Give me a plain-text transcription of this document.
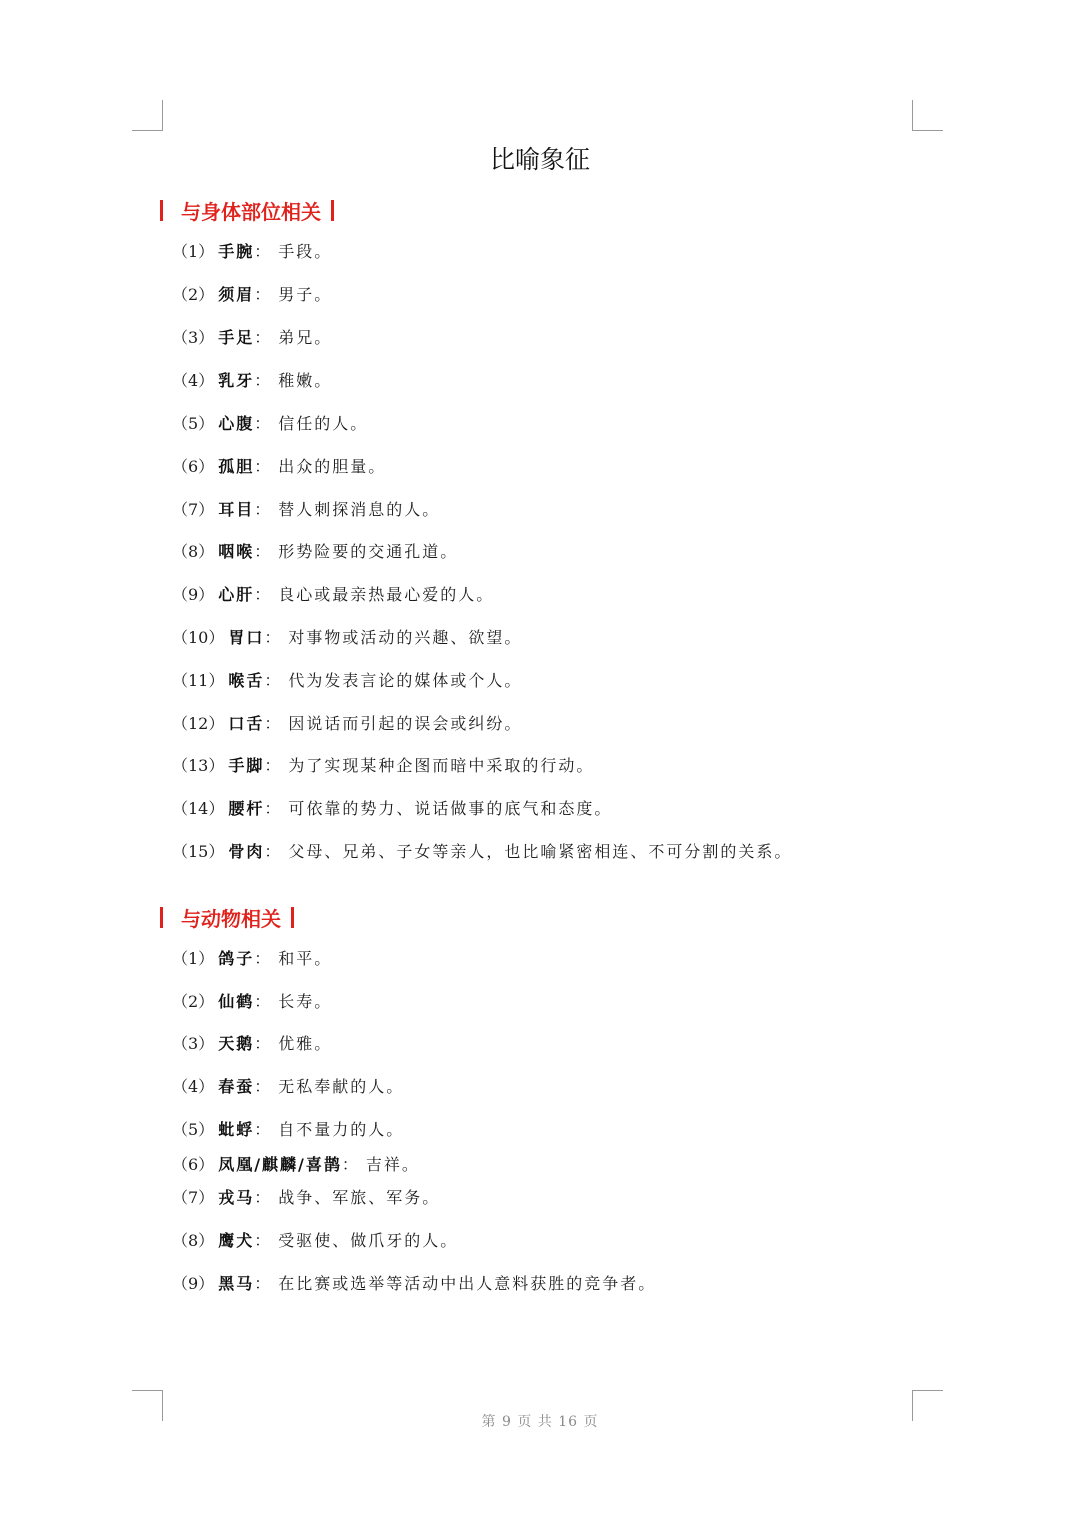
比喻象征
与身体部位相关
（1） 手腕： 手段。
（2） 须眉： 男子。
（3） 手足： 弟兄。
（4） 乳牙： 稚嫩。
（5） 心腹： 信任的人。
（6） 孤胆： 出众的胆量。
（7） 耳目： 替人刺探消息的人。
（8） 咽喉： 形势险要的交通孔道。
（9） 心肝： 良心或最亲热最心爱的人。
（10） 胃口： 对事物或活动的兴趣、欲望。
（11） 喉舌： 代为发表言论的媒体或个人。
（12） 口舌： 因说话而引起的误会或纠纷。
（13） 手脚： 为了实现某种企图而暗中采取的行动。
（14） 腰杆： 可依靠的势力、说话做事的底气和态度。
（15） 骨肉： 父母、兄弟、子女等亲人，也比喻紧密相连、不可分割的关系。
与动物相关
（1） 鸽子： 和平。
（2） 仙鹤： 长寿。
（3） 天鹅： 优雅。
（4） 春蚕： 无私奉献的人。
（5） 蚍蜉： 自不量力的人。
（6） 凤凰/麒麟/喜鹊： 吉祥。
（7） 戎马： 战争、军旅、军务。
（8） 鹰犬： 受驱使、做爪牙的人。
（9） 黑马： 在比赛或选举等活动中出人意料获胜的竞争者。
第 9 页 共 16 页
